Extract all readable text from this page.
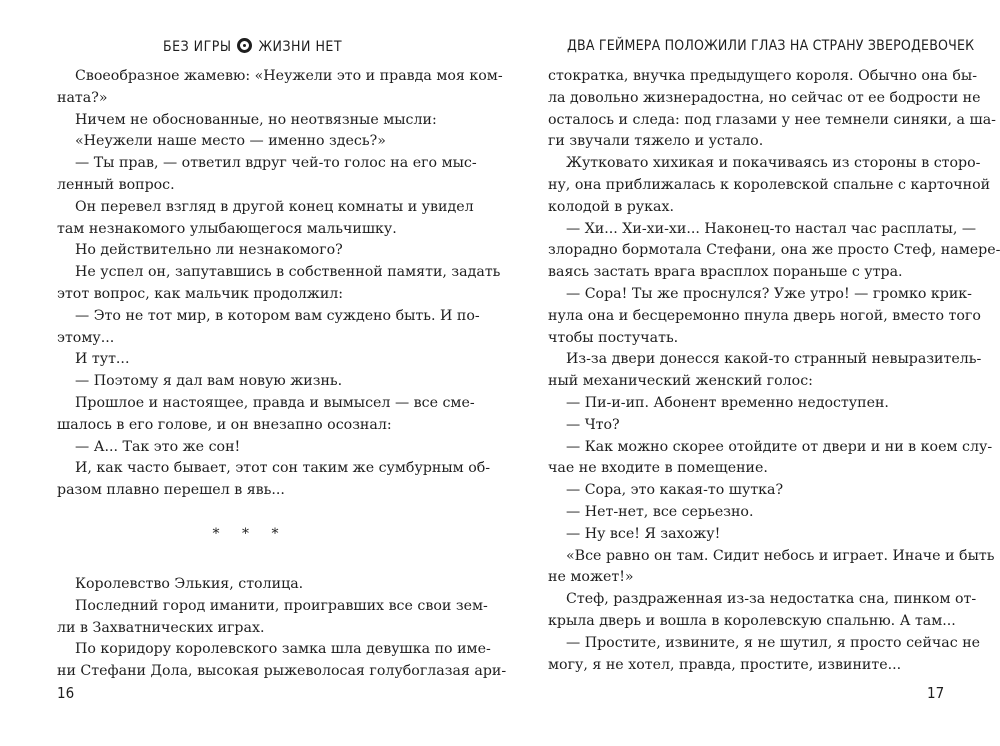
БЕЗ ИГРЫ ЖИЗНИ НЕТ

Своеобразное жамевю: «Неужели это и правда моя ком-

ната?»

Ничем не обоснованные, но неотвязные мысли:

«Неужели наше место — именно здесь?»

— Ты прав, — ответил вдруг чей-то голос на его мыс-

ленный вопрос.

Он перевел взгляд в другой конец комнаты и увидел

там незнакомого улыбающегося мальчишку.

Но действительно ли незнакомого?

Не успел он, запутавшись в собственной памяти, задать

этот вопрос, как мальчик продолжил:

— Это не тот мир, в котором вам суждено быть. И по-

этому...

И тут...

— Поэтому я дал вам новую жизнь.

Прошлое и настоящее, правда и вымысел — все сме-

шалось в его голове, и он внезапно осознал:

— А... Так это же сон!

И, как часто бывает, этот сон таким же сумбурным об-

разом плавно перешел в явь...

* * *

Королевство Элькия, столица.

Последний город иманити, проигравших все свои зем-

ли в Захватнических играх.

По коридору королевского замка шла девушка по име-

ни Стефани Дола, высокая рыжеволосая голубоглазая ари-

16
ДВА ГЕЙМЕРА ПОЛОЖИЛИ ГЛАЗ НА СТРАНУ ЗВЕРОДЕВОЧЕК

стократка, внучка предыдущего короля. Обычно она бы-

ла довольно жизнерадостна, но сейчас от ее бодрости не

осталось и следа: под глазами у нее темнели синяки, а ша-

ги звучали тяжело и устало.

Жутковато хихикая и покачиваясь из стороны в сторо-

ну, она приближалась к королевской спальне с карточной

колодой в руках.

— Хи... Хи-хи-хи... Наконец-то настал час расплаты, —

злорадно бормотала Стефани, она же просто Стеф, намере-

ваясь застать врага врасплох пораньше с утра.

— Сора! Ты же проснулся? Уже утро! — громко крик-

нула она и бесцеремонно пнула дверь ногой, вместо того

чтобы постучать.

Из-за двери донесся какой-то странный невыразитель-

ный механический женский голос:

— Пи-и-ип. Абонент временно недоступен.

— Что?

— Как можно скорее отойдите от двери и ни в коем слу-

чае не входите в помещение.

— Сора, это какая-то шутка?

— Нет-нет, все серьезно.

— Ну все! Я захожу!

«Все равно он там. Сидит небось и играет. Иначе и быть

не может!»

Стеф, раздраженная из-за недостатка сна, пинком от-

крыла дверь и вошла в королевскую спальню. А там...

— Простите, извините, я не шутил, я просто сейчас не

могу, я не хотел, правда, простите, извините...

17
